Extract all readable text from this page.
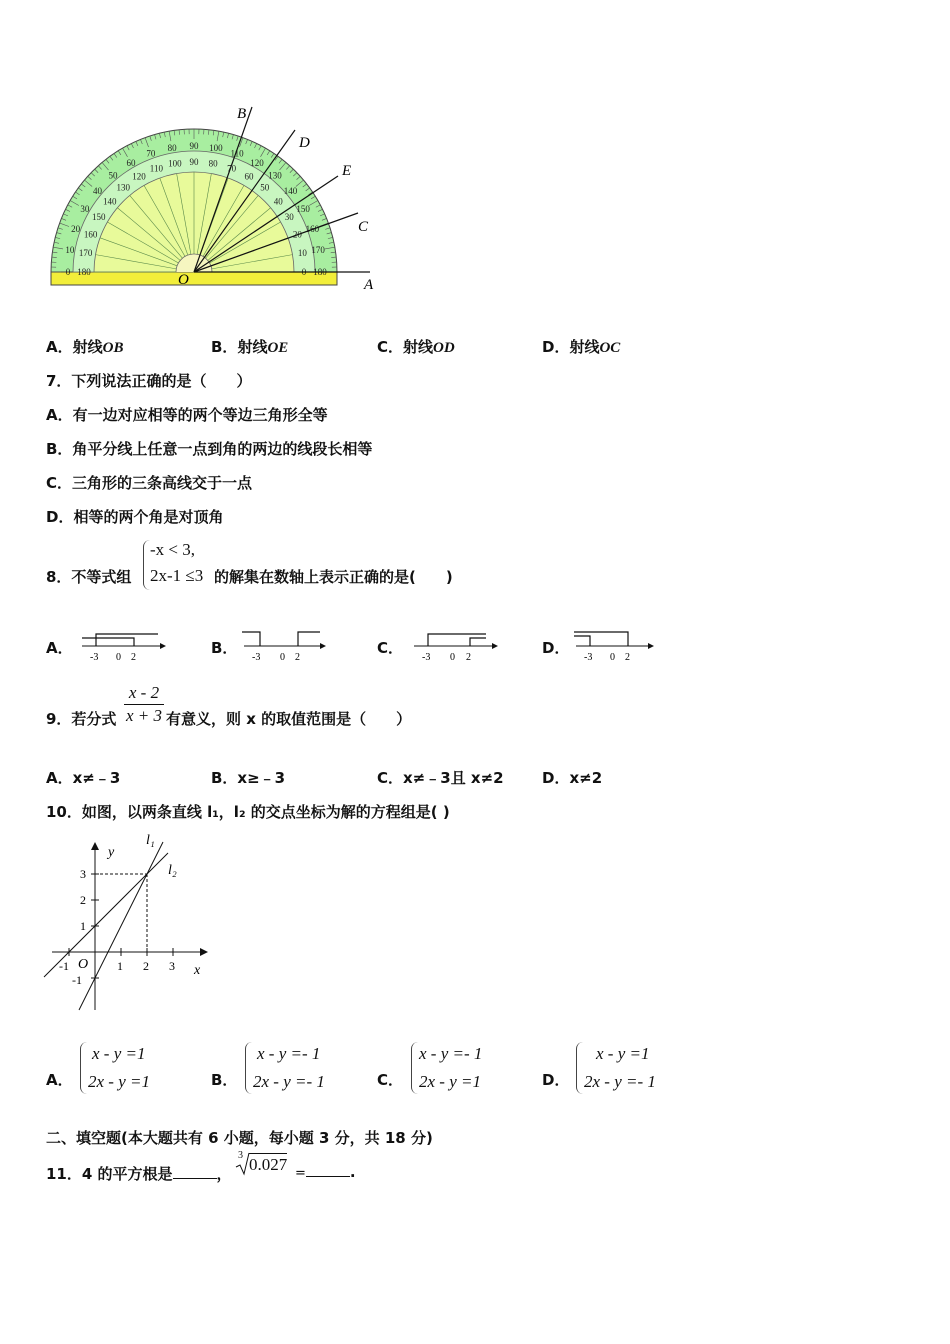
0
10
20
30
40
50
60
70
80 90 100
110
120
130
140
150
160
170
180
180
170
160
150
140
130
120
110 100 90 80 70
60
50
40
30
20
10
0
B
D
E
C
A
O
A．射线OB	B．射线OE	C．射线OD	D．射线OC
7．下列说法正确的是（　　）
A．有一边对应相等的两个等边三角形全等
B．角平分线上任意一点到角的两边的线段长相等
C．三角形的三条高线交于一点
D．相等的两个角是对顶角
8．不等式组
-x < 3,
2x-1 ≤3 的解集在数轴上表示正确的是(　　)
A．
-3 0 2
B．
-3 0 2
C．
-3 0 2
D．
-3 0 2
9．若分式
x - 2
x + 3 有意义，则 x 的取值范围是（　　）
A．x≠﹣3	B．x≥﹣3	C．x≠﹣3且 x≠2	D．x≠2
10．如图，以两条直线 l₁，l₂ 的交点坐标为解的方程组是( )
y
x
O
l₁
l₂
-1	1 2 3
3
2
1
-1
A．
x - y =1
2x - y =1	B．
x - y =- 1
2x - y =- 1	C．
x - y =- 1
2x - y =1	D．
x - y =1
2x - y =- 1
二、填空题(本大题共有 6 小题，每小题 3 分，共 18 分)
11．4 的平方根是	，
3 0.027 =	.
